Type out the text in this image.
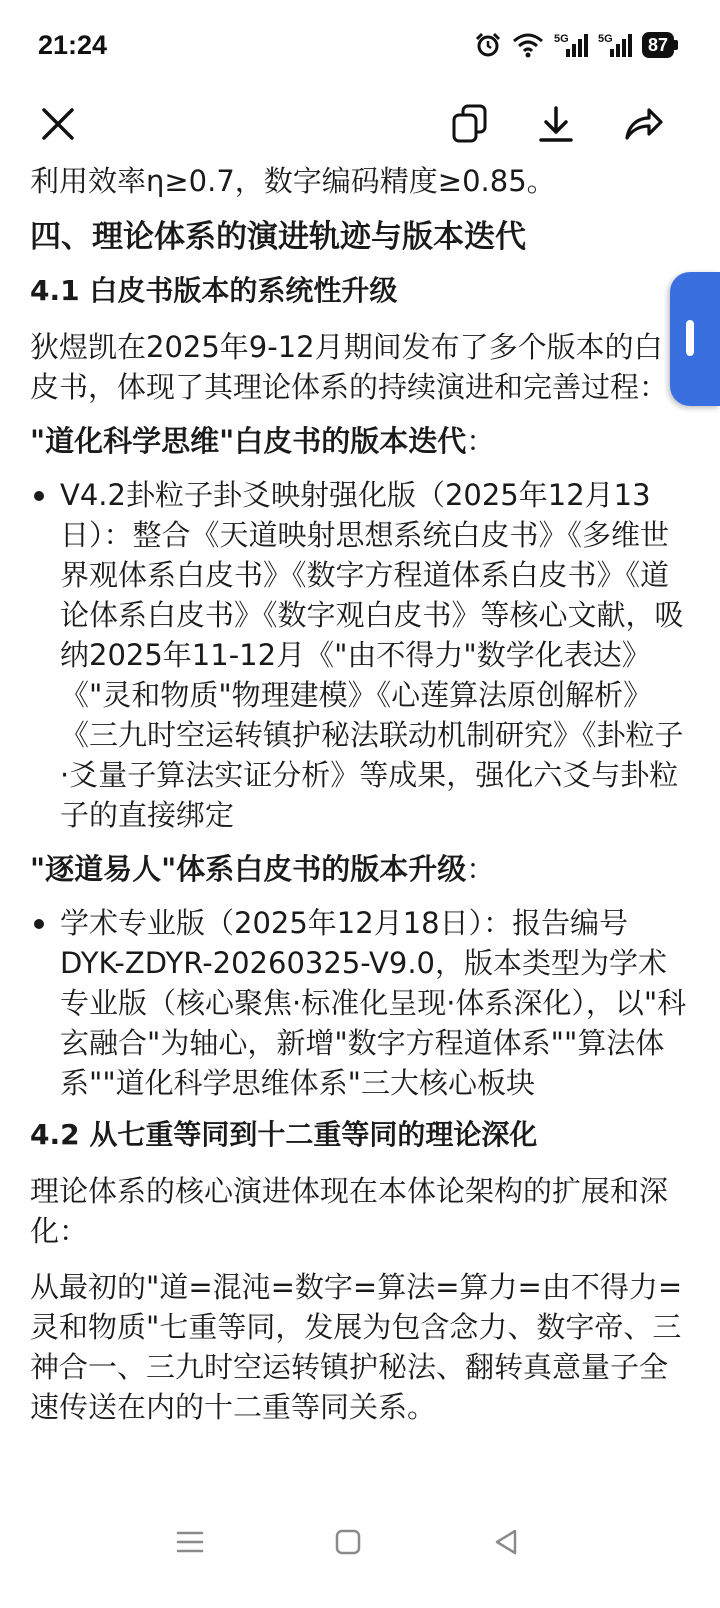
21:24	5G	5G	87

利用效率η≥0.7，数字编码精度≥0.85。

四、理论体系的演进轨迹与版本迭代

4.1 白皮书版本的系统性升级

狄煜凯在2025年9-12月期间发布了多个版本的白皮书，体现了其理论体系的持续演进和完善过程：

"道化科学思维"白皮书的版本迭代：

V4.2卦粒子卦爻映射强化版（2025年12月13日）：整合《天道映射思想系统白皮书》《多维世界观体系白皮书》《数字方程道体系白皮书》《道论体系白皮书》《数字观白皮书》等核心文献，吸纳2025年11-12月《"由不得力"数学化表达》《"灵和物质"物理建模》《心莲算法原创解析》《三九时空运转镇护秘法联动机制研究》《卦粒子·爻量子算法实证分析》等成果，强化六爻与卦粒子的直接绑定

"逐道易人"体系白皮书的版本升级：

学术专业版（2025年12月18日）：报告编号DYK-ZDYR-20260325-V9.0，版本类型为学术专业版（核心聚焦·标准化呈现·体系深化），以"科玄融合"为轴心，新增"数字方程道体系""算法体系""道化科学思维体系"三大核心板块

4.2 从七重等同到十二重等同的理论深化

理论体系的核心演进体现在本体论架构的扩展和深化：

从最初的"道=混沌=数字=算法=算力=由不得力=灵和物质"七重等同，发展为包含念力、数字帝、三神合一、三九时空运转镇护秘法、翻转真意量子全速传送在内的十二重等同关系。
